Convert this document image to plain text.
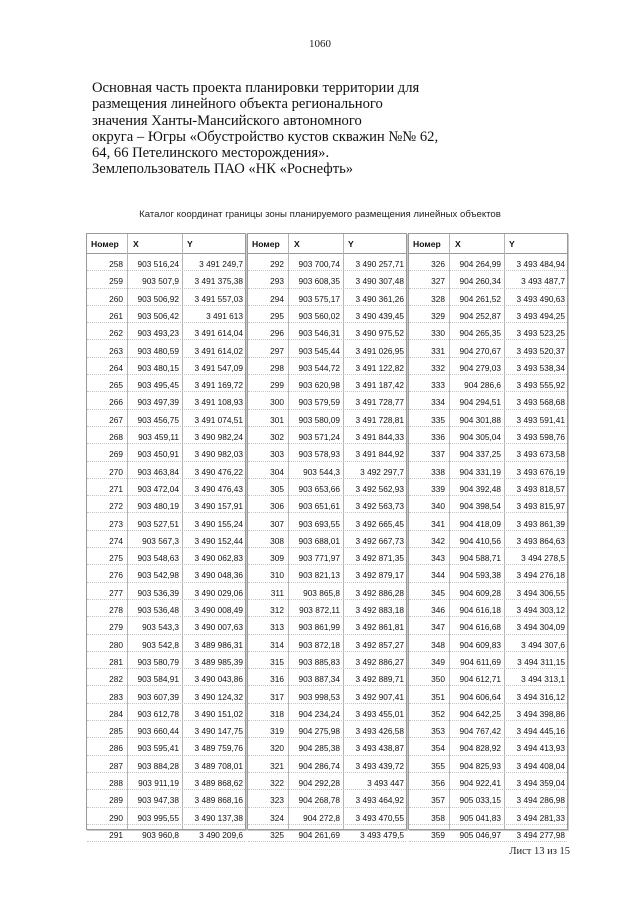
1060
Основная часть проекта планировки территории для
размещения линейного объекта регионального
значения Ханты-Мансийского автономного
округа – Югры «Обустройство кустов скважин №№ 62,
64, 66 Петелинского месторождения».
Землепользователь ПАО «НК «Роснефть»
Каталог координат границы зоны планируемого размещения линейных объектов
Номер X	Y
258	903 516,24	3 491 249,7
259	903 507,9	3 491 375,38
260	903 506,92	3 491 557,03
261	903 506,42	3 491 613
262	903 493,23	3 491 614,04
263	903 480,59	3 491 614,02
264	903 480,15	3 491 547,09
265	903 495,45	3 491 169,72
266	903 497,39	3 491 108,93
267	903 456,75	3 491 074,51
268	903 459,11	3 490 982,24
269	903 450,91	3 490 982,03
270	903 463,84	3 490 476,22
271	903 472,04	3 490 476,43
272	903 480,19	3 490 157,91
273	903 527,51	3 490 155,24
274	903 567,3	3 490 152,44
275	903 548,63	3 490 062,83
276	903 542,98	3 490 048,36
277	903 536,39	3 490 029,06
278	903 536,48	3 490 008,49
279	903 543,3	3 490 007,63
280	903 542,8	3 489 986,31
281	903 580,79	3 489 985,39
282	903 584,91	3 490 043,86
283	903 607,39	3 490 124,32
284	903 612,78	3 490 151,02
285	903 660,44	3 490 147,75
286	903 595,41	3 489 759,76
287	903 884,28	3 489 708,01
288	903 911,19	3 489 868,62
289	903 947,38	3 489 868,16
290	903 995,55	3 490 137,38
291	903 960,8	3 490 209,6
Номер X	Y
292	903 700,74	3 490 257,71
293	903 608,35	3 490 307,48
294	903 575,17	3 490 361,26
295	903 560,02	3 490 439,45
296	903 546,31	3 490 975,52
297	903 545,44	3 491 026,95
298	903 544,72	3 491 122,82
299	903 620,98	3 491 187,42
300	903 579,59	3 491 728,77
301	903 580,09	3 491 728,81
302	903 571,24	3 491 844,33
303	903 578,93	3 491 844,92
304	903 544,3	3 492 297,7
305	903 653,66	3 492 562,93
306	903 651,61	3 492 563,73
307	903 693,55	3 492 665,45
308	903 688,01	3 492 667,73
309	903 771,97	3 492 871,35
310	903 821,13	3 492 879,17
311	903 865,8	3 492 886,28
312	903 872,11	3 492 883,18
313	903 861,99	3 492 861,81
314	903 872,18	3 492 857,27
315	903 885,83	3 492 886,27
316	903 887,34	3 492 889,71
317	903 998,53	3 492 907,41
318	904 234,24	3 493 455,01
319	904 275,98	3 493 426,58
320	904 285,38	3 493 438,87
321	904 286,74	3 493 439,72
322	904 292,28	3 493 447
323	904 268,78	3 493 464,92
324	904 272,8	3 493 470,55
325	904 261,69	3 493 479,5
Номер X	Y
326	904 264,99	3 493 484,94
327	904 260,34	3 493 487,7
328	904 261,52	3 493 490,63
329	904 252,87	3 493 494,25
330	904 265,35	3 493 523,25
331	904 270,67	3 493 520,37
332	904 279,03	3 493 538,34
333	904 286,6	3 493 555,92
334	904 294,51	3 493 568,68
335	904 301,88	3 493 591,41
336	904 305,04	3 493 598,76
337	904 337,25	3 493 673,58
338	904 331,19	3 493 676,19
339	904 392,48	3 493 818,57
340	904 398,54	3 493 815,97
341	904 418,09	3 493 861,39
342	904 410,56	3 493 864,63
343	904 588,71	3 494 278,5
344	904 593,38	3 494 276,18
345	904 609,28	3 494 306,55
346	904 616,18	3 494 303,12
347	904 616,68	3 494 304,09
348	904 609,83	3 494 307,6
349	904 611,69	3 494 311,15
350	904 612,71	3 494 313,1
351	904 606,64	3 494 316,12
352	904 642,25	3 494 398,86
353	904 767,42	3 494 445,16
354	904 828,92	3 494 413,93
355	904 825,93	3 494 408,04
356	904 922,41	3 494 359,04
357	905 033,15	3 494 286,98
358	905 041,83	3 494 281,33
359	905 046,97	3 494 277,98
Лист 13 из 15
